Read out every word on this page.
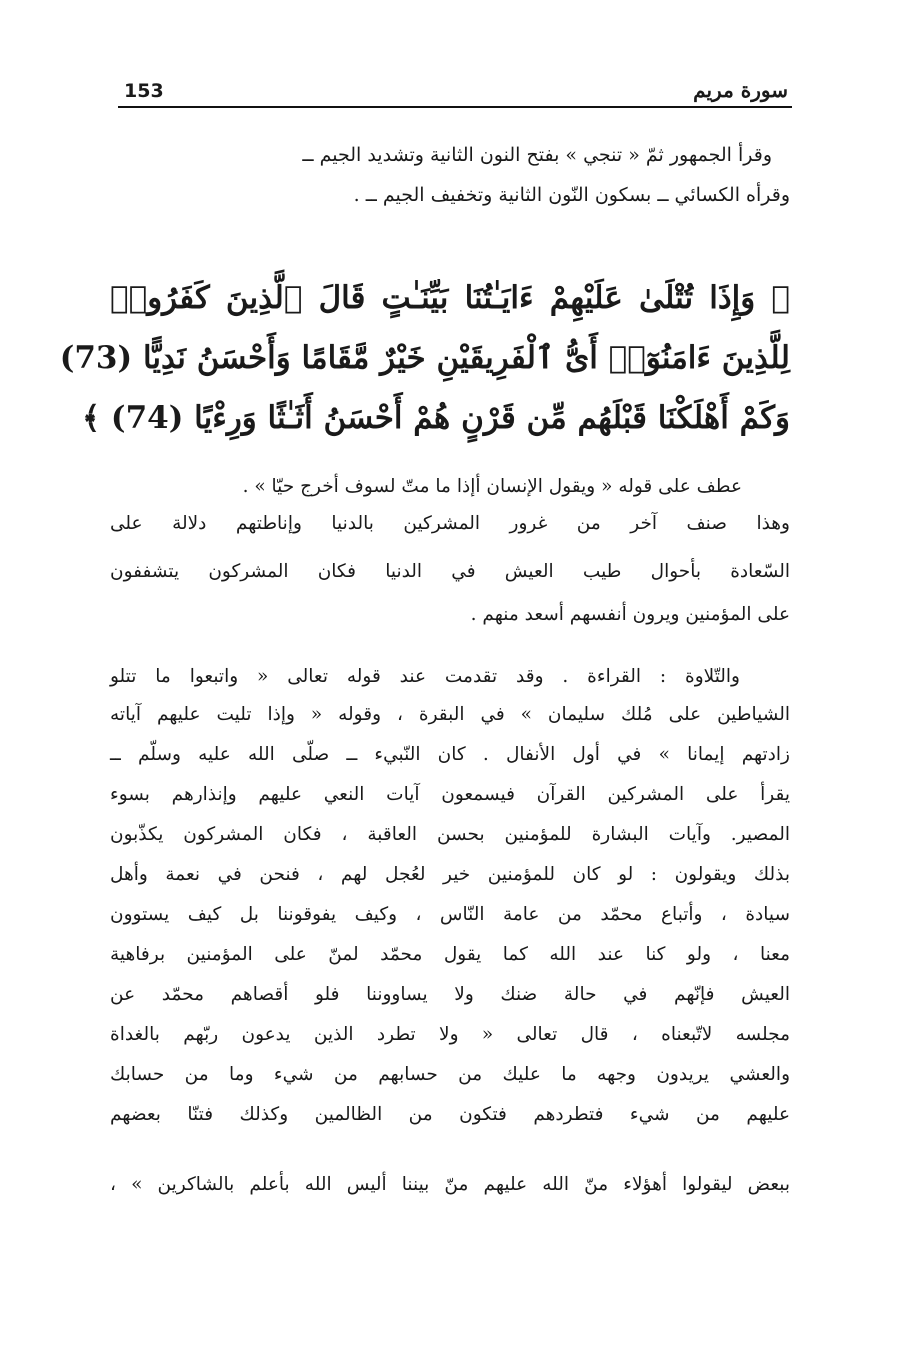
153	سورة مريم
وقرأ الجمهور ثمّ « تنجي » بفتح النون الثانية وتشديد الجيم ــ
وقرأه الكسائي ــ بسكون النّون الثانية وتخفيف الجيم ــ .
﴿ وَإِذَا تُتْلَىٰ عَلَيْهِمْ ءَايَـٰتُنَا بَيِّنَـٰتٍ قَالَ ٱلَّذِينَ كَفَرُوا۟
لِلَّذِينَ ءَامَنُوٓا۟ أَىُّ ٱلْفَرِيقَيْنِ خَيْرٌ مَّقَامًا وَأَحْسَنُ نَدِيًّا (73)
وَكَمْ أَهْلَكْنَا قَبْلَهُم مِّن قَرْنٍ هُمْ أَحْسَنُ أَثَـٰثًا وَرِءْيًا (74) ﴾
عطف على قوله « ويقول الإنسان أإذا ما متّ لسوف أخرج حيّا » .
وهذا صنف آخر من غرور المشركين بالدنيا وإناطتهم دلالة على
السّعادة بأحوال طيب العيش في الدنيا فكان المشركون يتشففون
على المؤمنين ويرون أنفسهم أسعد منهم .
والتّلاوة : القراءة . وقد تقدمت عند قوله تعالى « واتبعوا ما تتلو
الشياطين على مُلك سليمان » في البقرة ، وقوله « وإذا تليت عليهم آياته
زادتهم إيمانا » في أول الأنفال . كان النّبيء ــ صلّى الله عليه وسلّم ــ
يقرأ على المشركين القرآن فيسمعون آيات النعي عليهم وإنذارهم بسوء
المصير. وآيات البشارة للمؤمنين بحسن العاقبة ، فكان المشركون يكذّبون
بذلك ويقولون : لو كان للمؤمنين خير لعُجل لهم ، فنحن في نعمة وأهل
سيادة ، وأتباع محمّد من عامة النّاس ، وكيف يفوقوننا بل كيف يستوون
معنا ، ولو كنا عند الله كما يقول محمّد لمنّ على المؤمنين برفاهية
العيش فإنّهم في حالة ضنك ولا يساووننا فلو أقصاهم محمّد عن
مجلسه لاتّبعناه ، قال تعالى « ولا تطرد الذين يدعون ربّهم بالغداة
والعشي يريدون وجهه ما عليك من حسابهم من شيء وما من حسابك
عليهم من شيء فتطردهم فتكون من الظالمين وكذلك فتنّا بعضهم
ببعض ليقولوا أهؤلاء منّ الله عليهم منّ بيننا أليس الله بأعلم بالشاكرين » ،
